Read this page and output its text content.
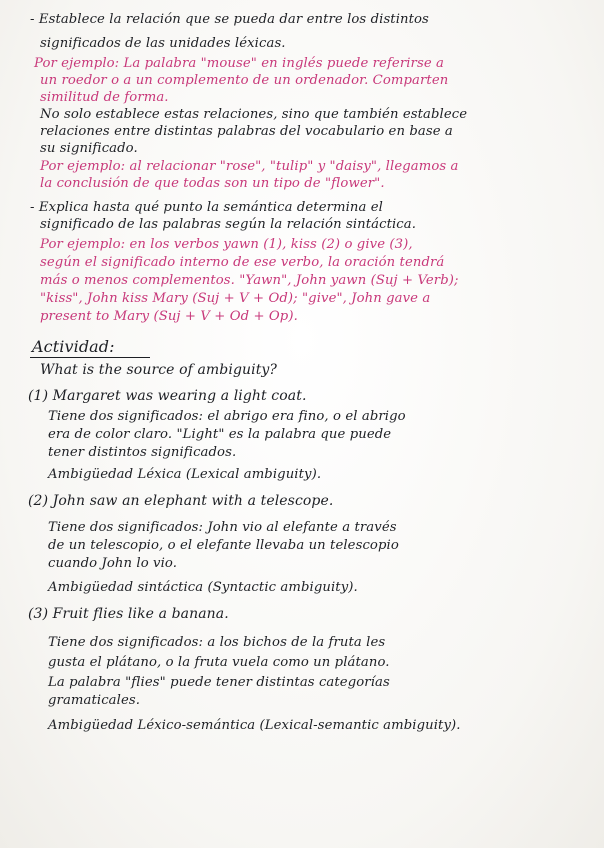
- Establece la relación que se pueda dar entre los distintos
significados de las unidades léxicas.
Por ejemplo: La palabra "mouse" en inglés puede referirse a
un roedor o a un complemento de un ordenador. Comparten
similitud de forma.
No solo establece estas relaciones, sino que también establece
relaciones entre distintas palabras del vocabulario en base a
su significado.
Por ejemplo: al relacionar "rose", "tulip" y "daisy", llegamos a
la conclusión de que todas son un tipo de "flower".
- Explica hasta qué punto la semántica determina el
significado de las palabras según la relación sintáctica.
Por ejemplo: en los verbos yawn (1), kiss (2) o give (3),
según el significado interno de ese verbo, la oración tendrá
más o menos complementos. "Yawn", John yawn (Suj + Verb);
"kiss", John kiss Mary (Suj + V + Od); "give", John gave a
present to Mary (Suj + V + Od + Op).
Actividad:
What is the source of ambiguity?
(1) Margaret was wearing a light coat.
Tiene dos significados: el abrigo era fino, o el abrigo
era de color claro. "Light" es la palabra que puede
tener distintos significados.
Ambigüedad Léxica (Lexical ambiguity).
(2) John saw an elephant with a telescope.
Tiene dos significados: John vio al elefante a través
de un telescopio, o el elefante llevaba un telescopio
cuando John lo vio.
Ambigüedad sintáctica (Syntactic ambiguity).
(3) Fruit flies like a banana.
Tiene dos significados: a los bichos de la fruta les
gusta el plátano, o la fruta vuela como un plátano.
La palabra "flies" puede tener distintas categorías
gramaticales.
Ambigüedad Léxico-semántica (Lexical-semantic ambiguity).
